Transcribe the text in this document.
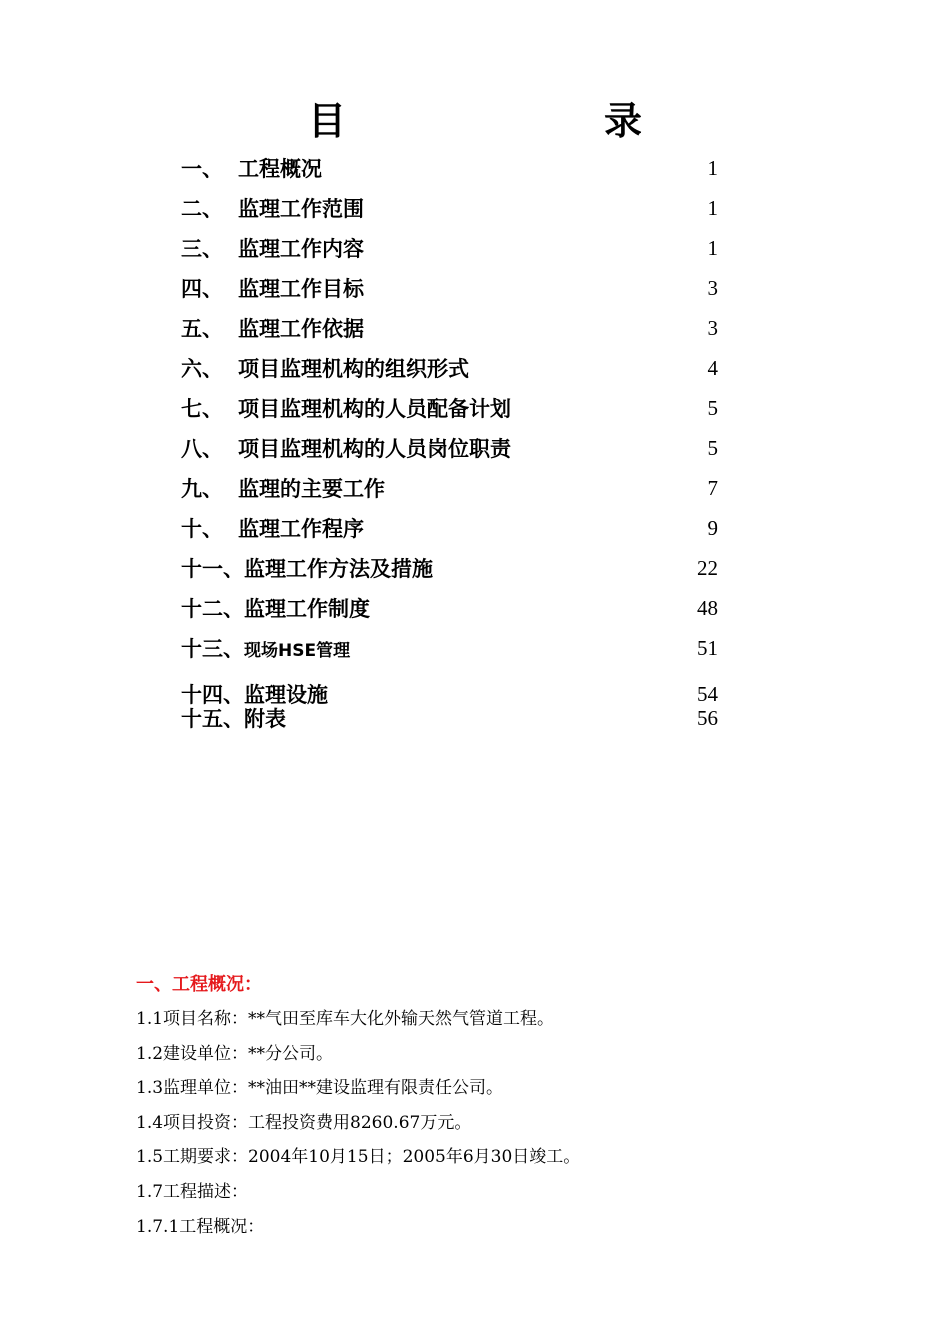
目　录
一、 工程概况	1
二、 监理工作范围	1
三、 监理工作内容	1
四、 监理工作目标	3
五、 监理工作依据	3
六、 项目监理机构的组织形式	4
七、 项目监理机构的人员配备计划	5
八、 项目监理机构的人员岗位职责	5
九、 监理的主要工作	7
十、 监理工作程序	9
十一、 监理工作方法及措施	22
十二、 监理工作制度	48
十三、 现场HSE管理	51
十四、 监理设施	54
十五、 附表	56
一、工程概况：
1.1项目名称：**气田至库车大化外输天然气管道工程。
1.2建设单位：**分公司。
1.3监理单位：**油田**建设监理有限责任公司。
1.4项目投资：工程投资费用8260.67万元。
1.5工期要求：2004年10月15日；2005年6月30日竣工。
1.7工程描述：
1.7.1工程概况：
